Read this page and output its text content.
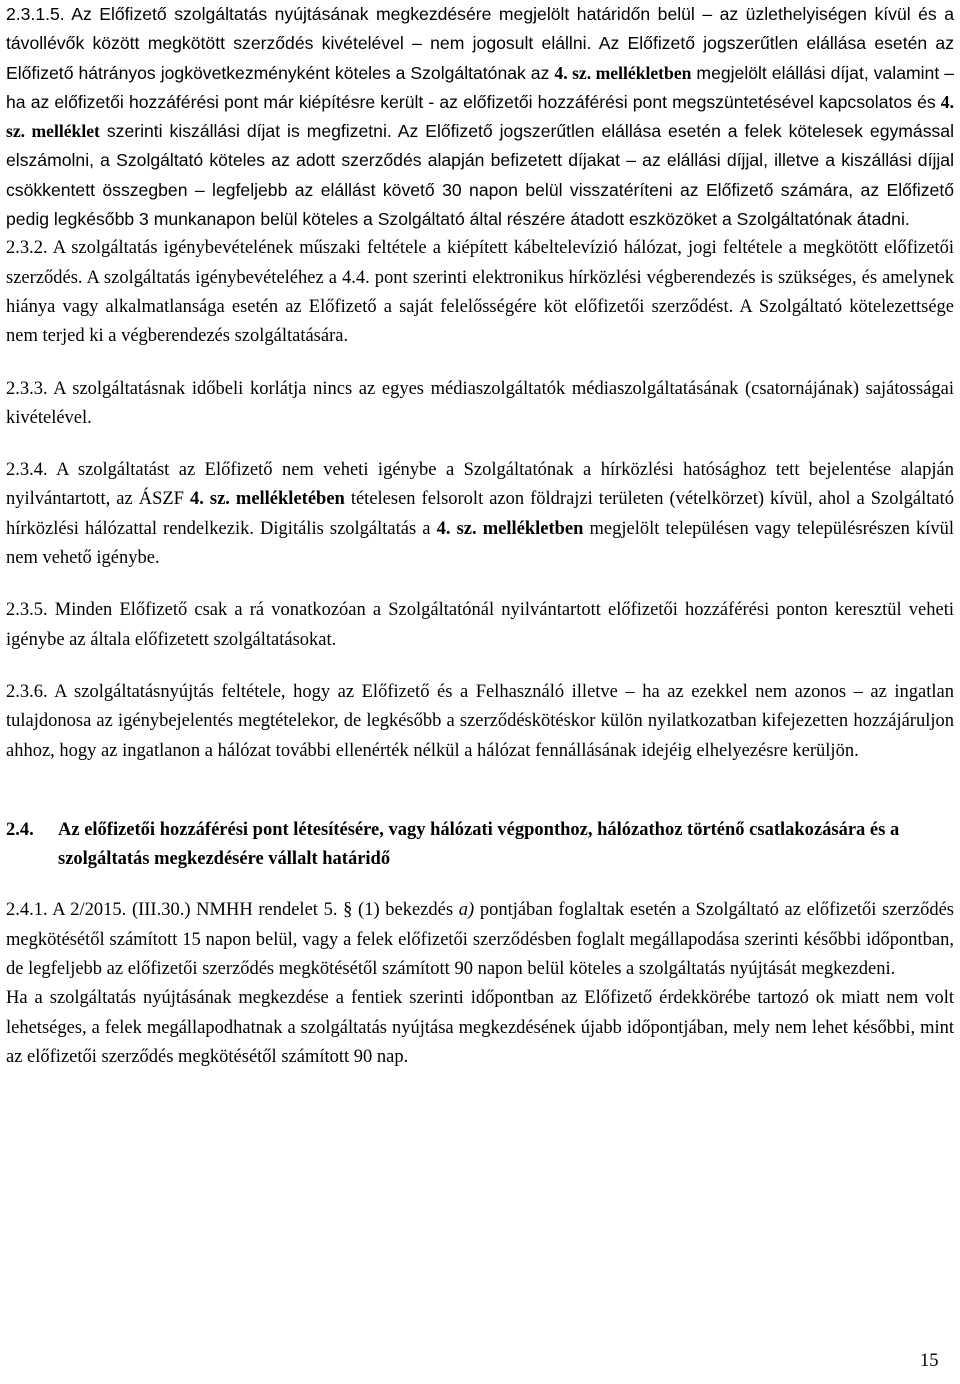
2.3.1.5. Az Előfizető szolgáltatás nyújtásának megkezdésére megjelölt határidőn belül – az üzlethelyiségen kívül és a távollévők között megkötött szerződés kivételével – nem jogosult elállni. Az Előfizető jogszerűtlen elállása esetén az Előfizető hátrányos jogkövetkezményként köteles a Szolgáltatónak az 4. sz. mellékletben megjelölt elállási díjat, valamint – ha az előfizetői hozzáférési pont már kiépítésre került - az előfizetői hozzáférési pont megszüntetésével kapcsolatos és 4. sz. melléklet szerinti kiszállási díjat is megfizetni. Az Előfizető jogszerűtlen elállása esetén a felek kötelesek egymással elszámolni, a Szolgáltató köteles az adott szerződés alapján befizetett díjakat – az elállási díjjal, illetve a kiszállási díjjal csökkentett összegben – legfeljebb az elállást követő 30 napon belül visszatéríteni az Előfizető számára, az Előfizető pedig legkésőbb 3 munkanapon belül köteles a Szolgáltató által részére átadott eszközöket a Szolgáltatónak átadni.

2.3.2. A szolgáltatás igénybevételének műszaki feltétele a kiépített kábeltelevízió hálózat, jogi feltétele a megkötött előfizetői szerződés. A szolgáltatás igénybevételéhez a 4.4. pont szerinti elektronikus hírközlési végberendezés is szükséges, és amelynek hiánya vagy alkalmatlansága esetén az Előfizető a saját felelősségére köt előfizetői szerződést. A Szolgáltató kötelezettsége nem terjed ki a végberendezés szolgáltatására.

2.3.3. A szolgáltatásnak időbeli korlátja nincs az egyes médiaszolgáltatók médiaszolgáltatásának (csatornájának) sajátosságai kivételével.

2.3.4. A szolgáltatást az Előfizető nem veheti igénybe a Szolgáltatónak a hírközlési hatósághoz tett bejelentése alapján nyilvántartott, az ÁSZF 4. sz. mellékletében tételesen felsorolt azon földrajzi területen (vételkörzet) kívül, ahol a Szolgáltató hírközlési hálózattal rendelkezik. Digitális szolgáltatás a 4. sz. mellékletben megjelölt településen vagy településrészen kívül nem vehető igénybe.

2.3.5. Minden Előfizető csak a rá vonatkozóan a Szolgáltatónál nyilvántartott előfizetői hozzáférési ponton keresztül veheti igénybe az általa előfizetett szolgáltatásokat.

2.3.6. A szolgáltatásnyújtás feltétele, hogy az Előfizető és a Felhasználó illetve – ha az ezekkel nem azonos – az ingatlan tulajdonosa az igénybejelentés megtételekor, de legkésőbb a szerződéskötéskor külön nyilatkozatban kifejezetten hozzájáruljon ahhoz, hogy az ingatlanon a hálózat további ellenérték nélkül a hálózat fennállásának idejéig elhelyezésre kerüljön.

2.4.	Az előfizetői hozzáférési pont létesítésére, vagy hálózati végponthoz, hálózathoz történő csatlakozására és a szolgáltatás megkezdésére vállalt határidő

2.4.1. A 2/2015. (III.30.) NMHH rendelet 5. § (1) bekezdés a) pontjában foglaltak esetén a Szolgáltató az előfizetői szerződés megkötésétől számított 15 napon belül, vagy a felek előfizetői szerződésben foglalt megállapodása szerinti későbbi időpontban, de legfeljebb az előfizetői szerződés megkötésétől számított 90 napon belül köteles a szolgáltatás nyújtását megkezdeni.

Ha a szolgáltatás nyújtásának megkezdése a fentiek szerinti időpontban az Előfizető érdekkörébe tartozó ok miatt nem volt lehetséges, a felek megállapodhatnak a szolgáltatás nyújtása megkezdésének újabb időpontjában, mely nem lehet későbbi, mint az előfizetői szerződés megkötésétől számított 90 nap.

15
